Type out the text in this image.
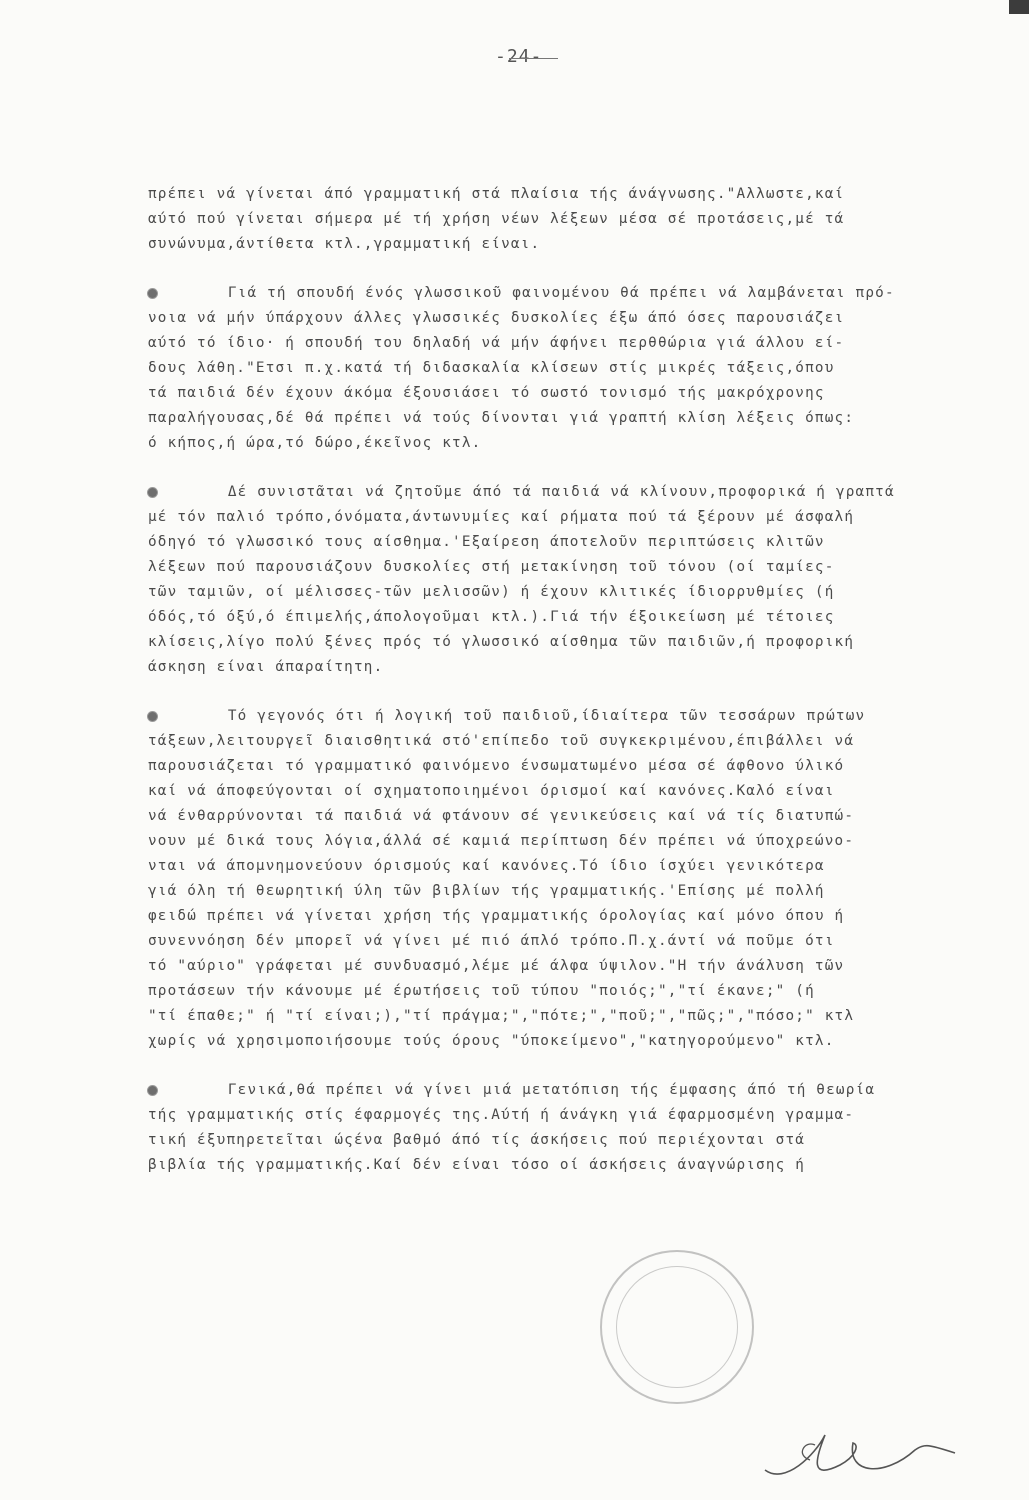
-24-
πρέπει νά γίνεται άπό γραμματική στά πλαίσια τής άνάγνωσης."Αλλωστε,καί
αύτό πού γίνεται σήμερα μέ τή χρήση νέων λέξεων μέσα σέ προτάσεις,μέ τά
συνώνυμα,άντίθετα κτλ.,γραμματική είναι.
Γιά τή σπουδή ένός γλωσσικοῦ φαινομένου θά πρέπει νά λαμβάνεται πρό-
νοια νά μήν ύπάρχουν άλλες γλωσσικές δυσκολίες έξω άπό όσες παρουσιάζει
αύτό τό ίδιο· ή σπουδή του δηλαδή νά μήν άφήνει περθθώρια γιά άλλου εί-
δους λάθη."Ετσι π.χ.κατά τή διδασκαλία κλίσεων στίς μικρές τάξεις,όπου
τά παιδιά δέν έχουν άκόμα έξουσιάσει τό σωστό τονισμό τής μακρόχρονης
παραλήγουσας,δέ θά πρέπει νά τούς δίνονται γιά γραπτή κλίση λέξεις όπως:
ό κήπος,ή ώρα,τό δώρο,έκεῖνος κτλ.
Δέ συνιστᾶται νά ζητοῦμε άπό τά παιδιά νά κλίνουν,προφορικά ή γραπτά
μέ τόν παλιό τρόπο,όνόματα,άντωνυμίες καί ρήματα πού τά ξέρουν μέ άσφαλή
όδηγό τό γλωσσικό τους αίσθημα.'Εξαίρεση άποτελοῦν περιπτώσεις κλιτῶν
λέξεων πού παρουσιάζουν δυσκολίες στή μετακίνηση τοῦ τόνου (οί ταμίες-
τῶν ταμιῶν, οί μέλισσες-τῶν μελισσῶν) ή έχουν κλιτικές ίδιορρυθμίες (ή
όδός,τό όξύ,ό έπιμελής,άπολογοῦμαι κτλ.).Γιά τήν έξοικείωση μέ τέτοιες
κλίσεις,λίγο πολύ ξένες πρός τό γλωσσικό αίσθημα τῶν παιδιῶν,ή προφορική
άσκηση είναι άπαραίτητη.
Τό γεγονός ότι ή λογική τοῦ παιδιοῦ,ίδιαίτερα τῶν τεσσάρων πρώτων
τάξεων,λειτουργεῖ διαισθητικά στό'επίπεδο τοῦ συγκεκριμένου,έπιβάλλει νά
παρουσιάζεται τό γραμματικό φαινόμενο ένσωματωμένο μέσα σέ άφθονο ύλικό
καί νά άποφεύγονται οί σχηματοποιημένοι όρισμοί καί κανόνες.Καλό είναι
νά ένθαρρύνονται τά παιδιά νά φτάνουν σέ γενικεύσεις καί νά τίς διατυπώ-
νουν μέ δικά τους λόγια,άλλά σέ καμιά περίπτωση δέν πρέπει νά ύποχρεώνο-
νται νά άπομνημονεύουν όρισμούς καί κανόνες.Τό ίδιο ίσχύει γενικότερα
γιά όλη τή θεωρητική ύλη τῶν βιβλίων τής γραμματικής.'Επίσης μέ πολλή
φειδώ πρέπει νά γίνεται χρήση τής γραμματικής όρολογίας καί μόνο όπου ή
συνεννόηση δέν μπορεῖ νά γίνει μέ πιό άπλό τρόπο.Π.χ.άντί νά ποῦμε ότι
τό "αύριο" γράφεται μέ συνδυασμό,λέμε μέ άλφα ύψιλον."Η τήν άνάλυση τῶν
προτάσεων τήν κάνουμε μέ έρωτήσεις τοῦ τύπου "ποιός;","τί έκανε;" (ή
"τί έπαθε;" ή "τί είναι;),"τί πράγμα;","πότε;","ποῦ;","πῶς;","πόσο;" κτλ
χωρίς νά χρησιμοποιήσουμε τούς όρους "ύποκείμενο","κατηγορούμενο" κτλ.
Γενικά,θά πρέπει νά γίνει μιά μετατόπιση τής έμφασης άπό τή θεωρία
τής γραμματικής στίς έφαρμογές της.Αύτή ή άνάγκη γιά έφαρμοσμένη γραμμα-
τική έξυπηρετεῖται ώςένα βαθμό άπό τίς άσκήσεις πού περιέχονται στά
βιβλία τής γραμματικής.Καί δέν είναι τόσο οί άσκήσεις άναγνώρισης ή
